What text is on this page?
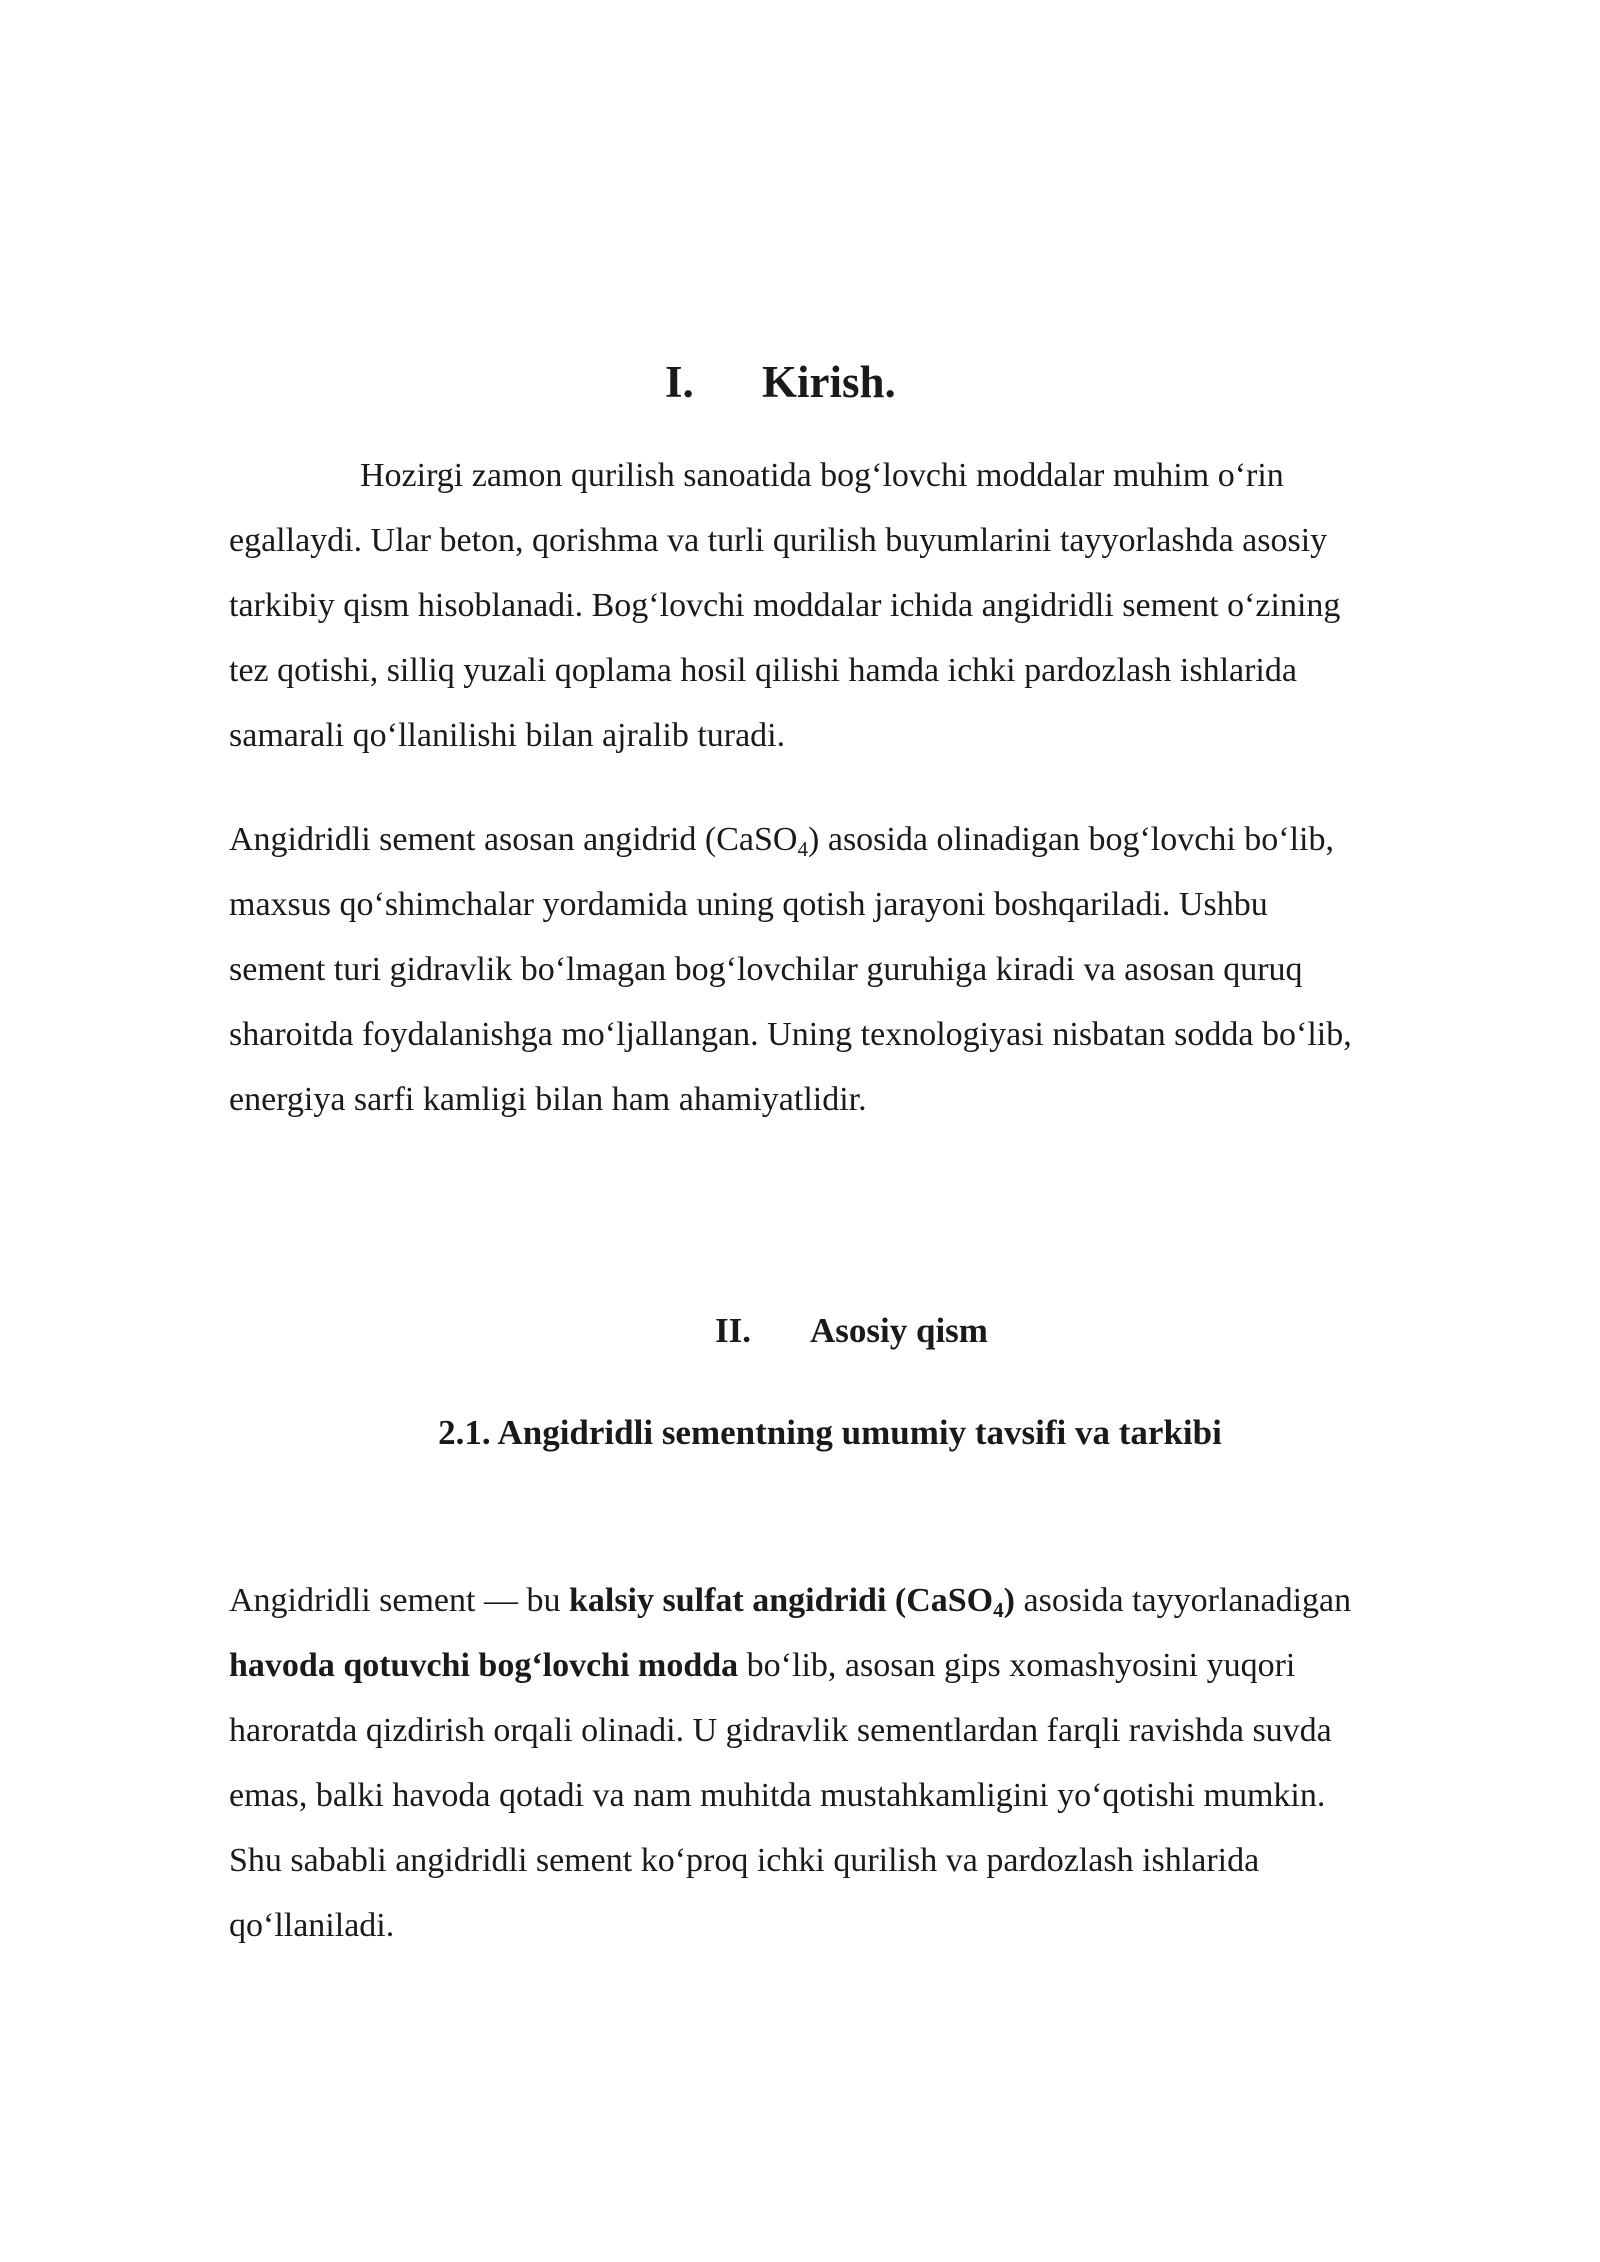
I. Kirish.

Hozirgi zamon qurilish sanoatida bog‘lovchi moddalar muhim o‘rin
egallaydi. Ular beton, qorishma va turli qurilish buyumlarini tayyorlashda asosiy
tarkibiy qism hisoblanadi. Bog‘lovchi moddalar ichida angidridli sement o‘zining
tez qotishi, silliq yuzali qoplama hosil qilishi hamda ichki pardozlash ishlarida
samarali qo‘llanilishi bilan ajralib turadi.

Angidridli sement asosan angidrid (CaSO$_4$) asosida olinadigan bog‘lovchi bo‘lib,
maxsus qo‘shimchalar yordamida uning qotish jarayoni boshqariladi. Ushbu
sement turi gidravlik bo‘lmagan bog‘lovchilar guruhiga kiradi va asosan quruq
sharoitda foydalanishga mo‘ljallangan. Uning texnologiyasi nisbatan sodda bo‘lib,
energiya sarfi kamligi bilan ham ahamiyatlidir.

II. Asosiy qism
2.1. Angidridli sementning umumiy tavsifi va tarkibi

Angidridli sement — bu kalsiy sulfat angidridi (CaSO$_4$) asosida tayyorlanadigan
havoda qotuvchi bog‘lovchi modda bo‘lib, asosan gips xomashyosini yuqori
haroratda qizdirish orqali olinadi. U gidravlik sementlardan farqli ravishda suvda
emas, balki havoda qotadi va nam muhitda mustahkamligini yo‘qotishi mumkin.
Shu sababli angidridli sement ko‘proq ichki qurilish va pardozlash ishlarida
qo‘llaniladi.
